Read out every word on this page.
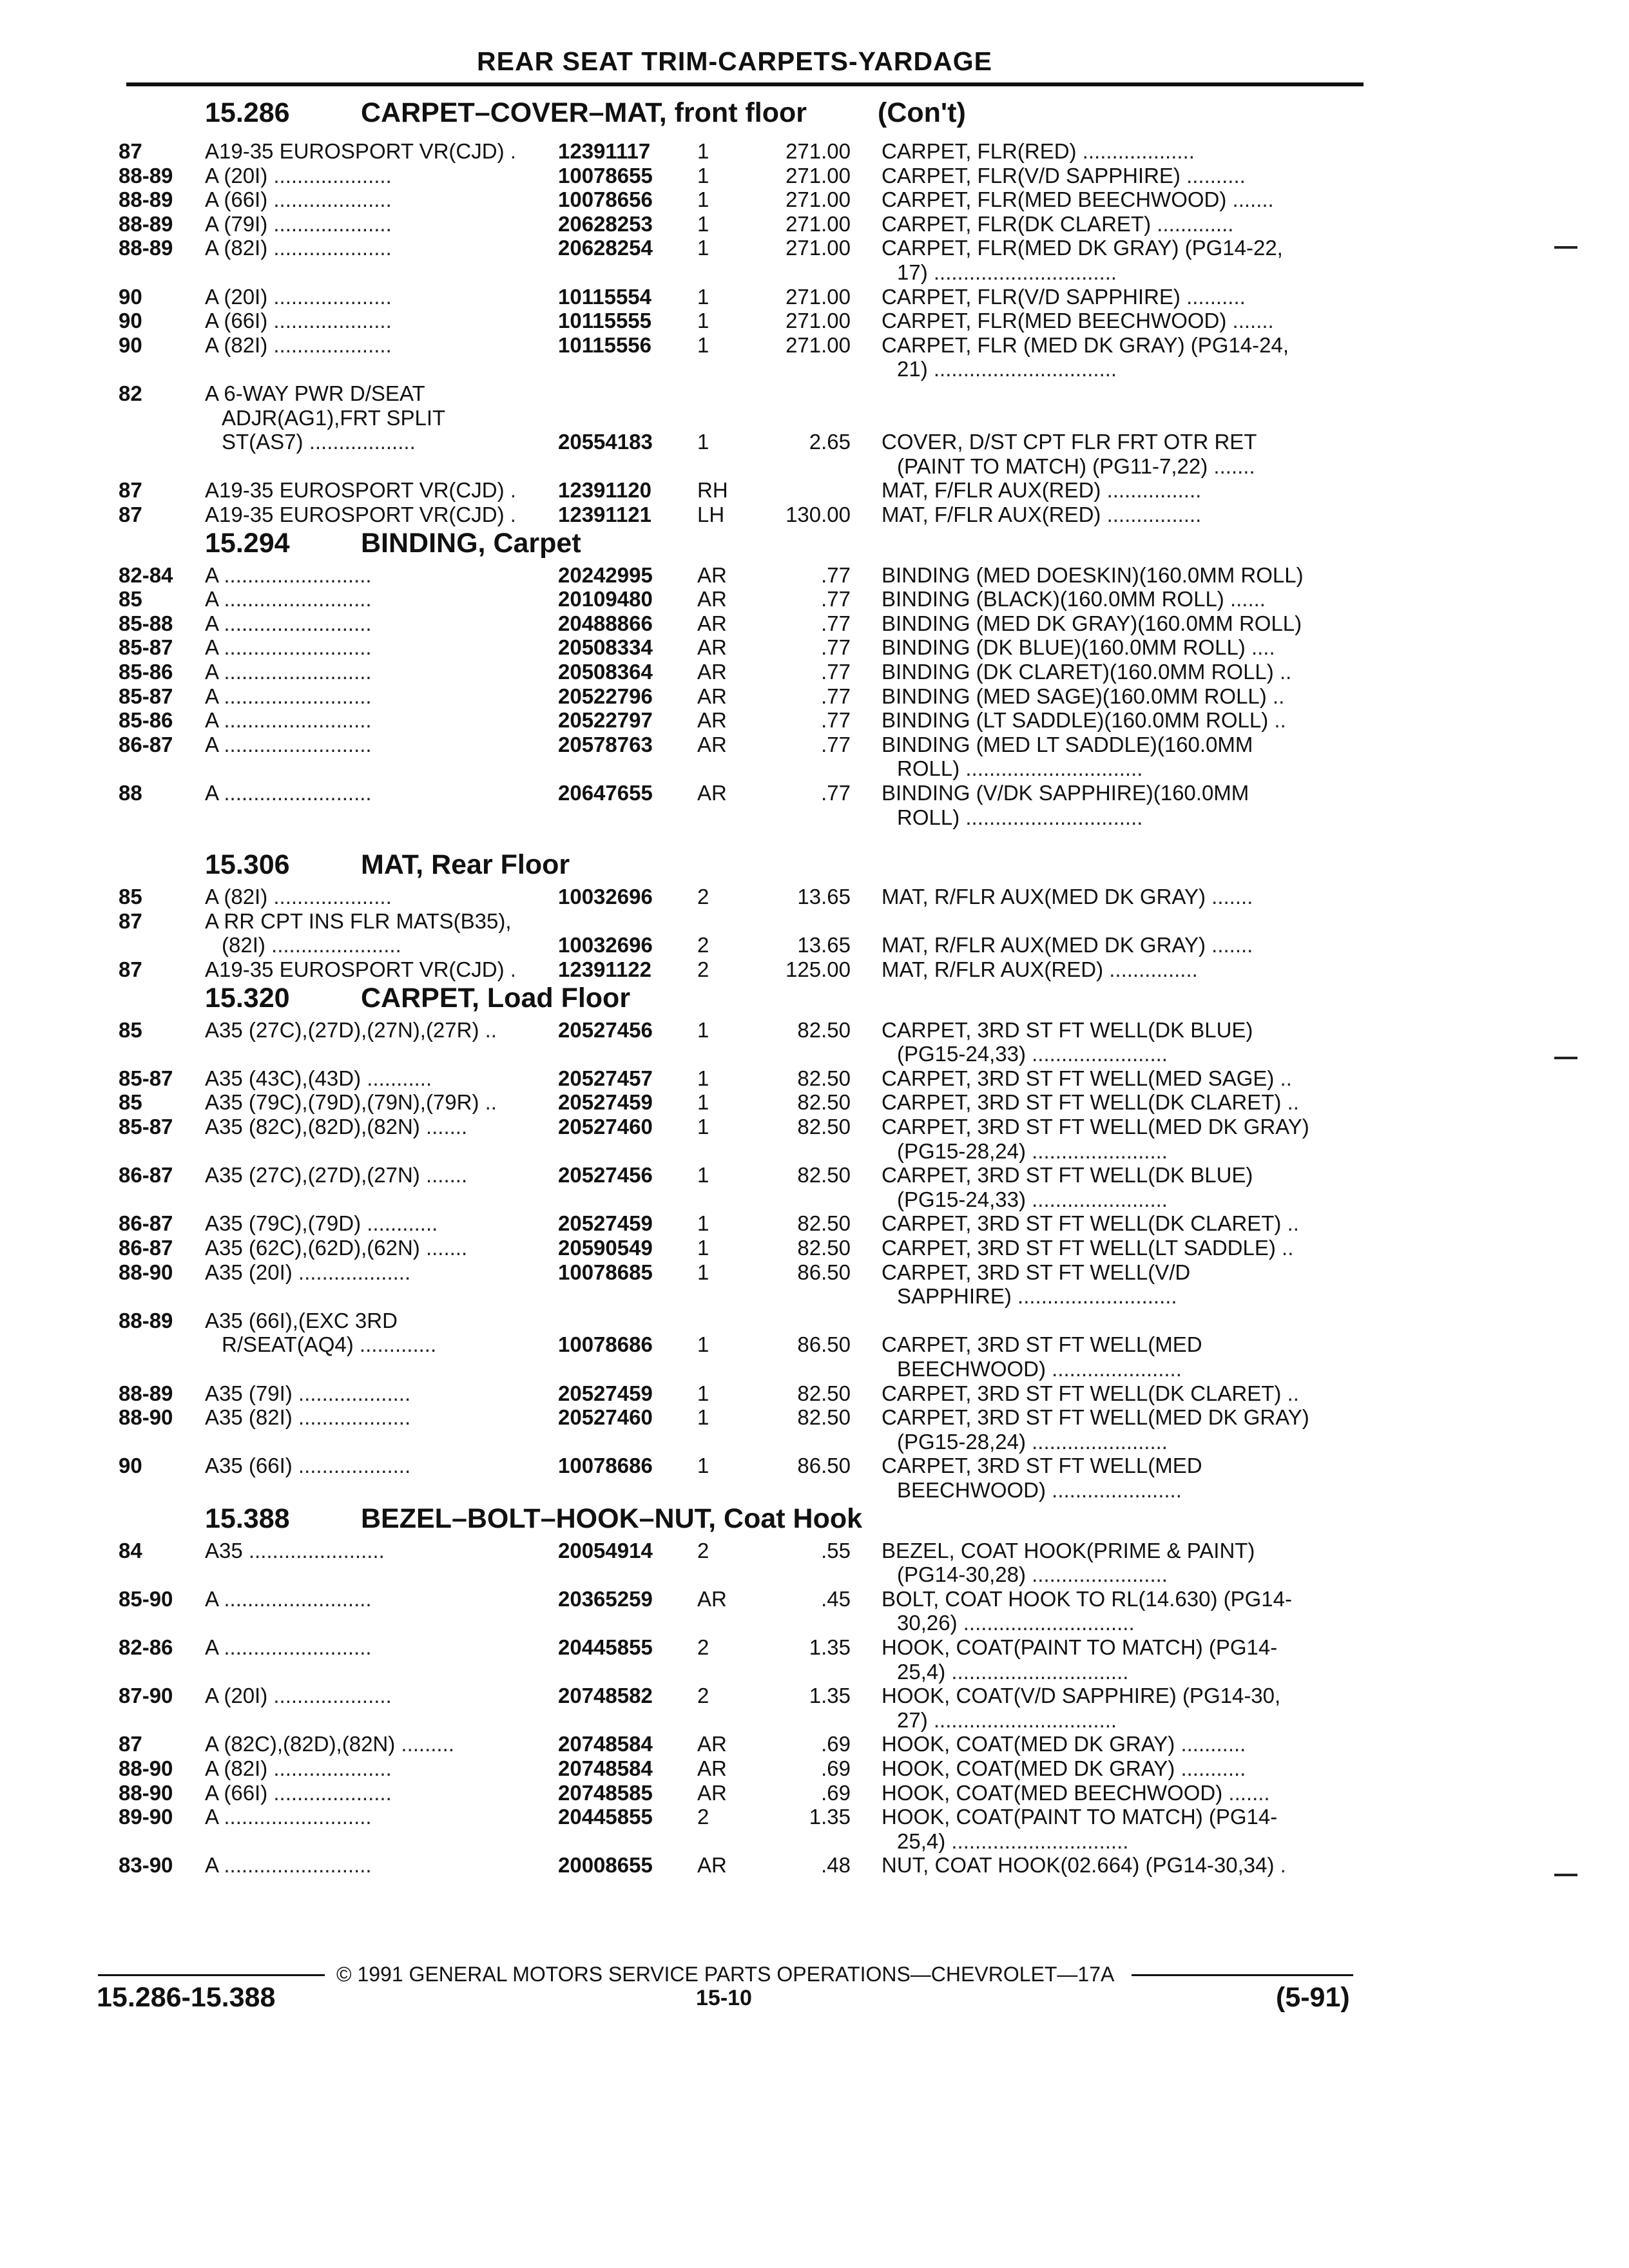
REAR SEAT TRIM-CARPETS-YARDAGE
15.286	CARPET–COVER–MAT, front floor	(Con't)
87	A19-35 EUROSPORT VR(CJD) . 12391117 1	271.00 CARPET, FLR(RED) ...................
88-89 A (20I) ....................	10078655 1	271.00 CARPET, FLR(V/D SAPPHIRE) ..........
88-89 A (66I) ....................	10078656 1	271.00 CARPET, FLR(MED BEECHWOOD) .......
88-89 A (79I) ....................	20628253 1	271.00 CARPET, FLR(DK CLARET) .............
88-89 A (82I) ....................	20628254 1	271.00 CARPET, FLR(MED DK GRAY) (PG14-22,
17) ...............................
90	A (20I) ....................	10115554 1	271.00 CARPET, FLR(V/D SAPPHIRE) ..........
90	A (66I) ....................	10115555 1	271.00 CARPET, FLR(MED BEECHWOOD) .......
90	A (82I) ....................	10115556 1	271.00 CARPET, FLR (MED DK GRAY) (PG14-24,
21) ...............................
82	A 6-WAY PWR D/SEAT
ADJR(AG1),FRT SPLIT
ST(AS7) ..................	20554183 1	2.65 COVER, D/ST CPT FLR FRT OTR RET
(PAINT TO MATCH) (PG11-7,22) .......
87	A19-35 EUROSPORT VR(CJD) . 12391120 RH	MAT, F/FLR AUX(RED) ................
87	A19-35 EUROSPORT VR(CJD) . 12391121 LH	130.00 MAT, F/FLR AUX(RED) ................
15.294	BINDING, Carpet
82-84 A .........................	20242995 AR	.77 BINDING (MED DOESKIN)(160.0MM ROLL)
85	A .........................	20109480 AR	.77 BINDING (BLACK)(160.0MM ROLL) ......
85-88 A .........................	20488866 AR	.77 BINDING (MED DK GRAY)(160.0MM ROLL)
85-87 A .........................	20508334 AR	.77 BINDING (DK BLUE)(160.0MM ROLL) ....
85-86 A .........................	20508364 AR	.77 BINDING (DK CLARET)(160.0MM ROLL) ..
85-87 A .........................	20522796 AR	.77 BINDING (MED SAGE)(160.0MM ROLL) ..
85-86 A .........................	20522797 AR	.77 BINDING (LT SADDLE)(160.0MM ROLL) ..
86-87 A .........................	20578763 AR	.77 BINDING (MED LT SADDLE)(160.0MM
ROLL) ..............................
88	A .........................	20647655 AR	.77 BINDING (V/DK SAPPHIRE)(160.0MM
ROLL) ..............................
15.306	MAT, Rear Floor
85	A (82I) ....................	10032696 2	13.65 MAT, R/FLR AUX(MED DK GRAY) .......
87	A RR CPT INS FLR MATS(B35),
(82I) ......................	10032696 2	13.65 MAT, R/FLR AUX(MED DK GRAY) .......
87	A19-35 EUROSPORT VR(CJD) . 12391122 2	125.00 MAT, R/FLR AUX(RED) ...............
15.320	CARPET, Load Floor
85	A35 (27C),(27D),(27N),(27R) ..	20527456 1	82.50 CARPET, 3RD ST FT WELL(DK BLUE)
(PG15-24,33) .......................
85-87 A35 (43C),(43D) ...........	20527457 1	82.50 CARPET, 3RD ST FT WELL(MED SAGE) ..
85	A35 (79C),(79D),(79N),(79R) ..	20527459 1	82.50 CARPET, 3RD ST FT WELL(DK CLARET) ..
85-87 A35 (82C),(82D),(82N) .......	20527460 1	82.50 CARPET, 3RD ST FT WELL(MED DK GRAY)
(PG15-28,24) .......................
86-87 A35 (27C),(27D),(27N) .......	20527456 1	82.50 CARPET, 3RD ST FT WELL(DK BLUE)
(PG15-24,33) .......................
86-87 A35 (79C),(79D) ............	20527459 1	82.50 CARPET, 3RD ST FT WELL(DK CLARET) ..
86-87 A35 (62C),(62D),(62N) .......	20590549 1	82.50 CARPET, 3RD ST FT WELL(LT SADDLE) ..
88-90 A35 (20I) ...................	10078685 1	86.50 CARPET, 3RD ST FT WELL(V/D
SAPPHIRE) ...........................
88-89 A35 (66I),(EXC 3RD
R/SEAT(AQ4) .............	10078686 1	86.50 CARPET, 3RD ST FT WELL(MED
BEECHWOOD) ......................
88-89 A35 (79I) ...................	20527459 1	82.50 CARPET, 3RD ST FT WELL(DK CLARET) ..
88-90 A35 (82I) ...................	20527460 1	82.50 CARPET, 3RD ST FT WELL(MED DK GRAY)
(PG15-28,24) .......................
90	A35 (66I) ...................	10078686 1	86.50 CARPET, 3RD ST FT WELL(MED
BEECHWOOD) ......................
15.388	BEZEL–BOLT–HOOK–NUT, Coat Hook
84	A35 .......................	20054914 2	.55 BEZEL, COAT HOOK(PRIME & PAINT)
(PG14-30,28) .......................
85-90 A .........................	20365259 AR	.45 BOLT, COAT HOOK TO RL(14.630) (PG14-
30,26) .............................
82-86 A .........................	20445855 2	1.35 HOOK, COAT(PAINT TO MATCH) (PG14-
25,4) ..............................
87-90 A (20I) ....................	20748582 2	1.35 HOOK, COAT(V/D SAPPHIRE) (PG14-30,
27) ...............................
87	A (82C),(82D),(82N) .........	20748584 AR	.69 HOOK, COAT(MED DK GRAY) ...........
88-90 A (82I) ....................	20748584 AR	.69 HOOK, COAT(MED DK GRAY) ...........
88-90 A (66I) ....................	20748585 AR	.69 HOOK, COAT(MED BEECHWOOD) .......
89-90 A .........................	20445855 2	1.35 HOOK, COAT(PAINT TO MATCH) (PG14-
25,4) ..............................
83-90 A .........................	20008655 AR	.48 NUT, COAT HOOK(02.664) (PG14-30,34) .
© 1991 GENERAL MOTORS SERVICE PARTS OPERATIONS—CHEVROLET—17A
15.286-15.388	15-10	(5-91)
